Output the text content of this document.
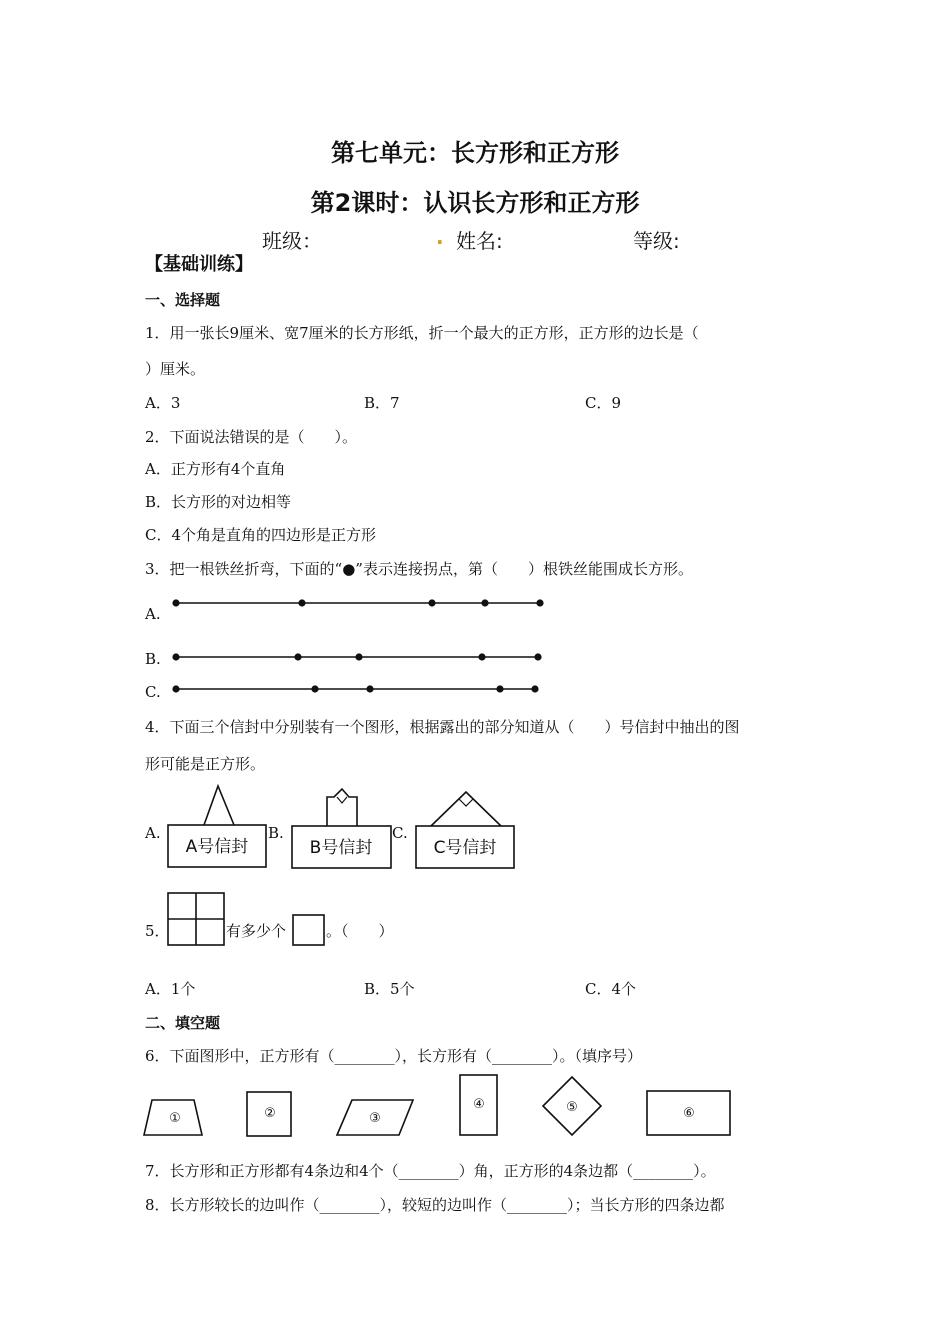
第七单元：长方形和正方形
第2课时：认识长方形和正方形
班级：	. 姓名:	等级:
【基础训练】
一、选择题
1．用一张长9厘米、宽7厘米的长方形纸，折一个最大的正方形，正方形的边长是（
）厘米。
A．3	B．7	C．9
2．下面说法错误的是（　　）。
A．正方形有4个直角
B．长方形的对边相等
C．4个角是直角的四边形是正方形
3．把一根铁丝折弯，下面的“●”表示连接拐点，第（　　）根铁丝能围成长方形。
A.
B.
C.
4．下面三个信封中分别装有一个图形，根据露出的部分知道从（　　）号信封中抽出的图
形可能是正方形。
A.	B.	C.
5．	有多少个	。（　　）
A．1个	B．5个	C．4个
二、填空题
6．下面图形中，正方形有（________），长方形有（________）。（填序号）
7．长方形和正方形都有4条边和4个（________）角，正方形的4条边都（________）。
8．长方形较长的边叫作（________），较短的边叫作（________）；当长方形的四条边都
A号信封	B号信封	C号信封
①	②	③
④	⑤	⑥
